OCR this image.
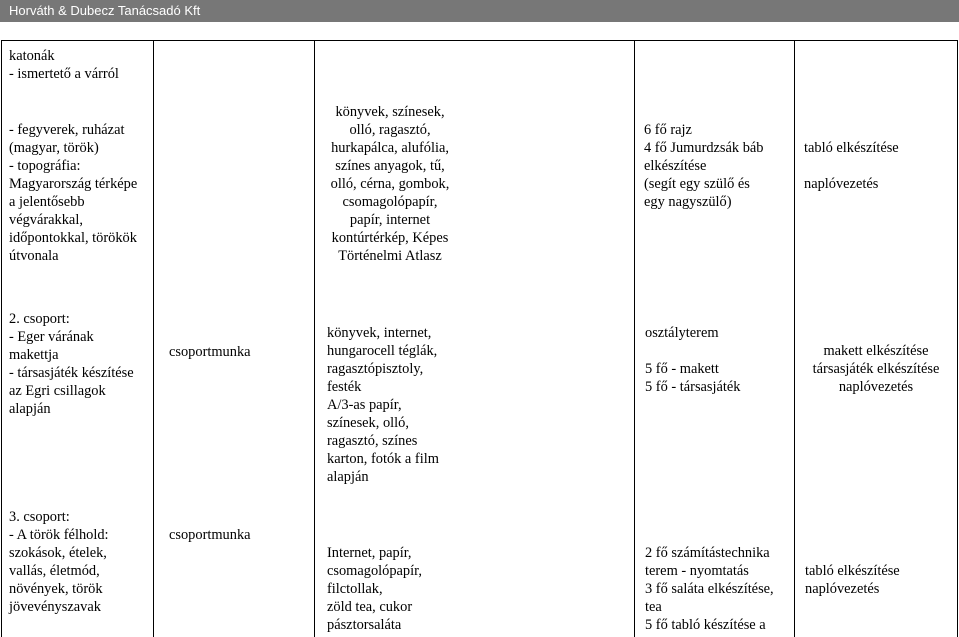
Horváth & Dubecz Tanácsadó Kft
katonák
- ismertető a várról
- fegyverek, ruházat
(magyar, török)
- topográfia:
Magyarország térképe
a jelentősebb
végvárakkal,
időpontokkal, törökök
útvonala
könyvek, színesek,
olló, ragasztó,
hurkapálca, alufólia,
színes anyagok, tű,
olló, cérna, gombok,
csomagolópapír,
papír, internet
kontúrtérkép, Képes
Történelmi Atlasz
6 fő rajz
4 fő Jumurdzsák báb
elkészítése
(segít egy szülő és
egy nagyszülő)
tabló elkészítése
naplóvezetés
2. csoport:
- Eger várának
makettja
- társasjáték készítése
az Egri csillagok
alapján
csoportmunka
könyvek, internet,
hungarocell téglák,
ragasztópisztoly,
festék
A/3-as papír,
színesek, olló,
ragasztó, színes
karton, fotók a film
alapján
osztályterem
5 fő - makett
5 fő - társasjáték
makett elkészítése
társasjáték elkészítése
naplóvezetés
3. csoport:
- A török félhold:
szokások, ételek,
vallás, életmód,
növények, török
jövevényszavak
csoportmunka
Internet, papír,
csomagolópapír,
filctollak,
zöld tea, cukor
pásztorsaláta
2 fő számítástechnika
terem - nyomtatás
3 fő saláta elkészítése,
tea
5 fő tabló készítése a
tabló elkészítése
naplóvezetés
